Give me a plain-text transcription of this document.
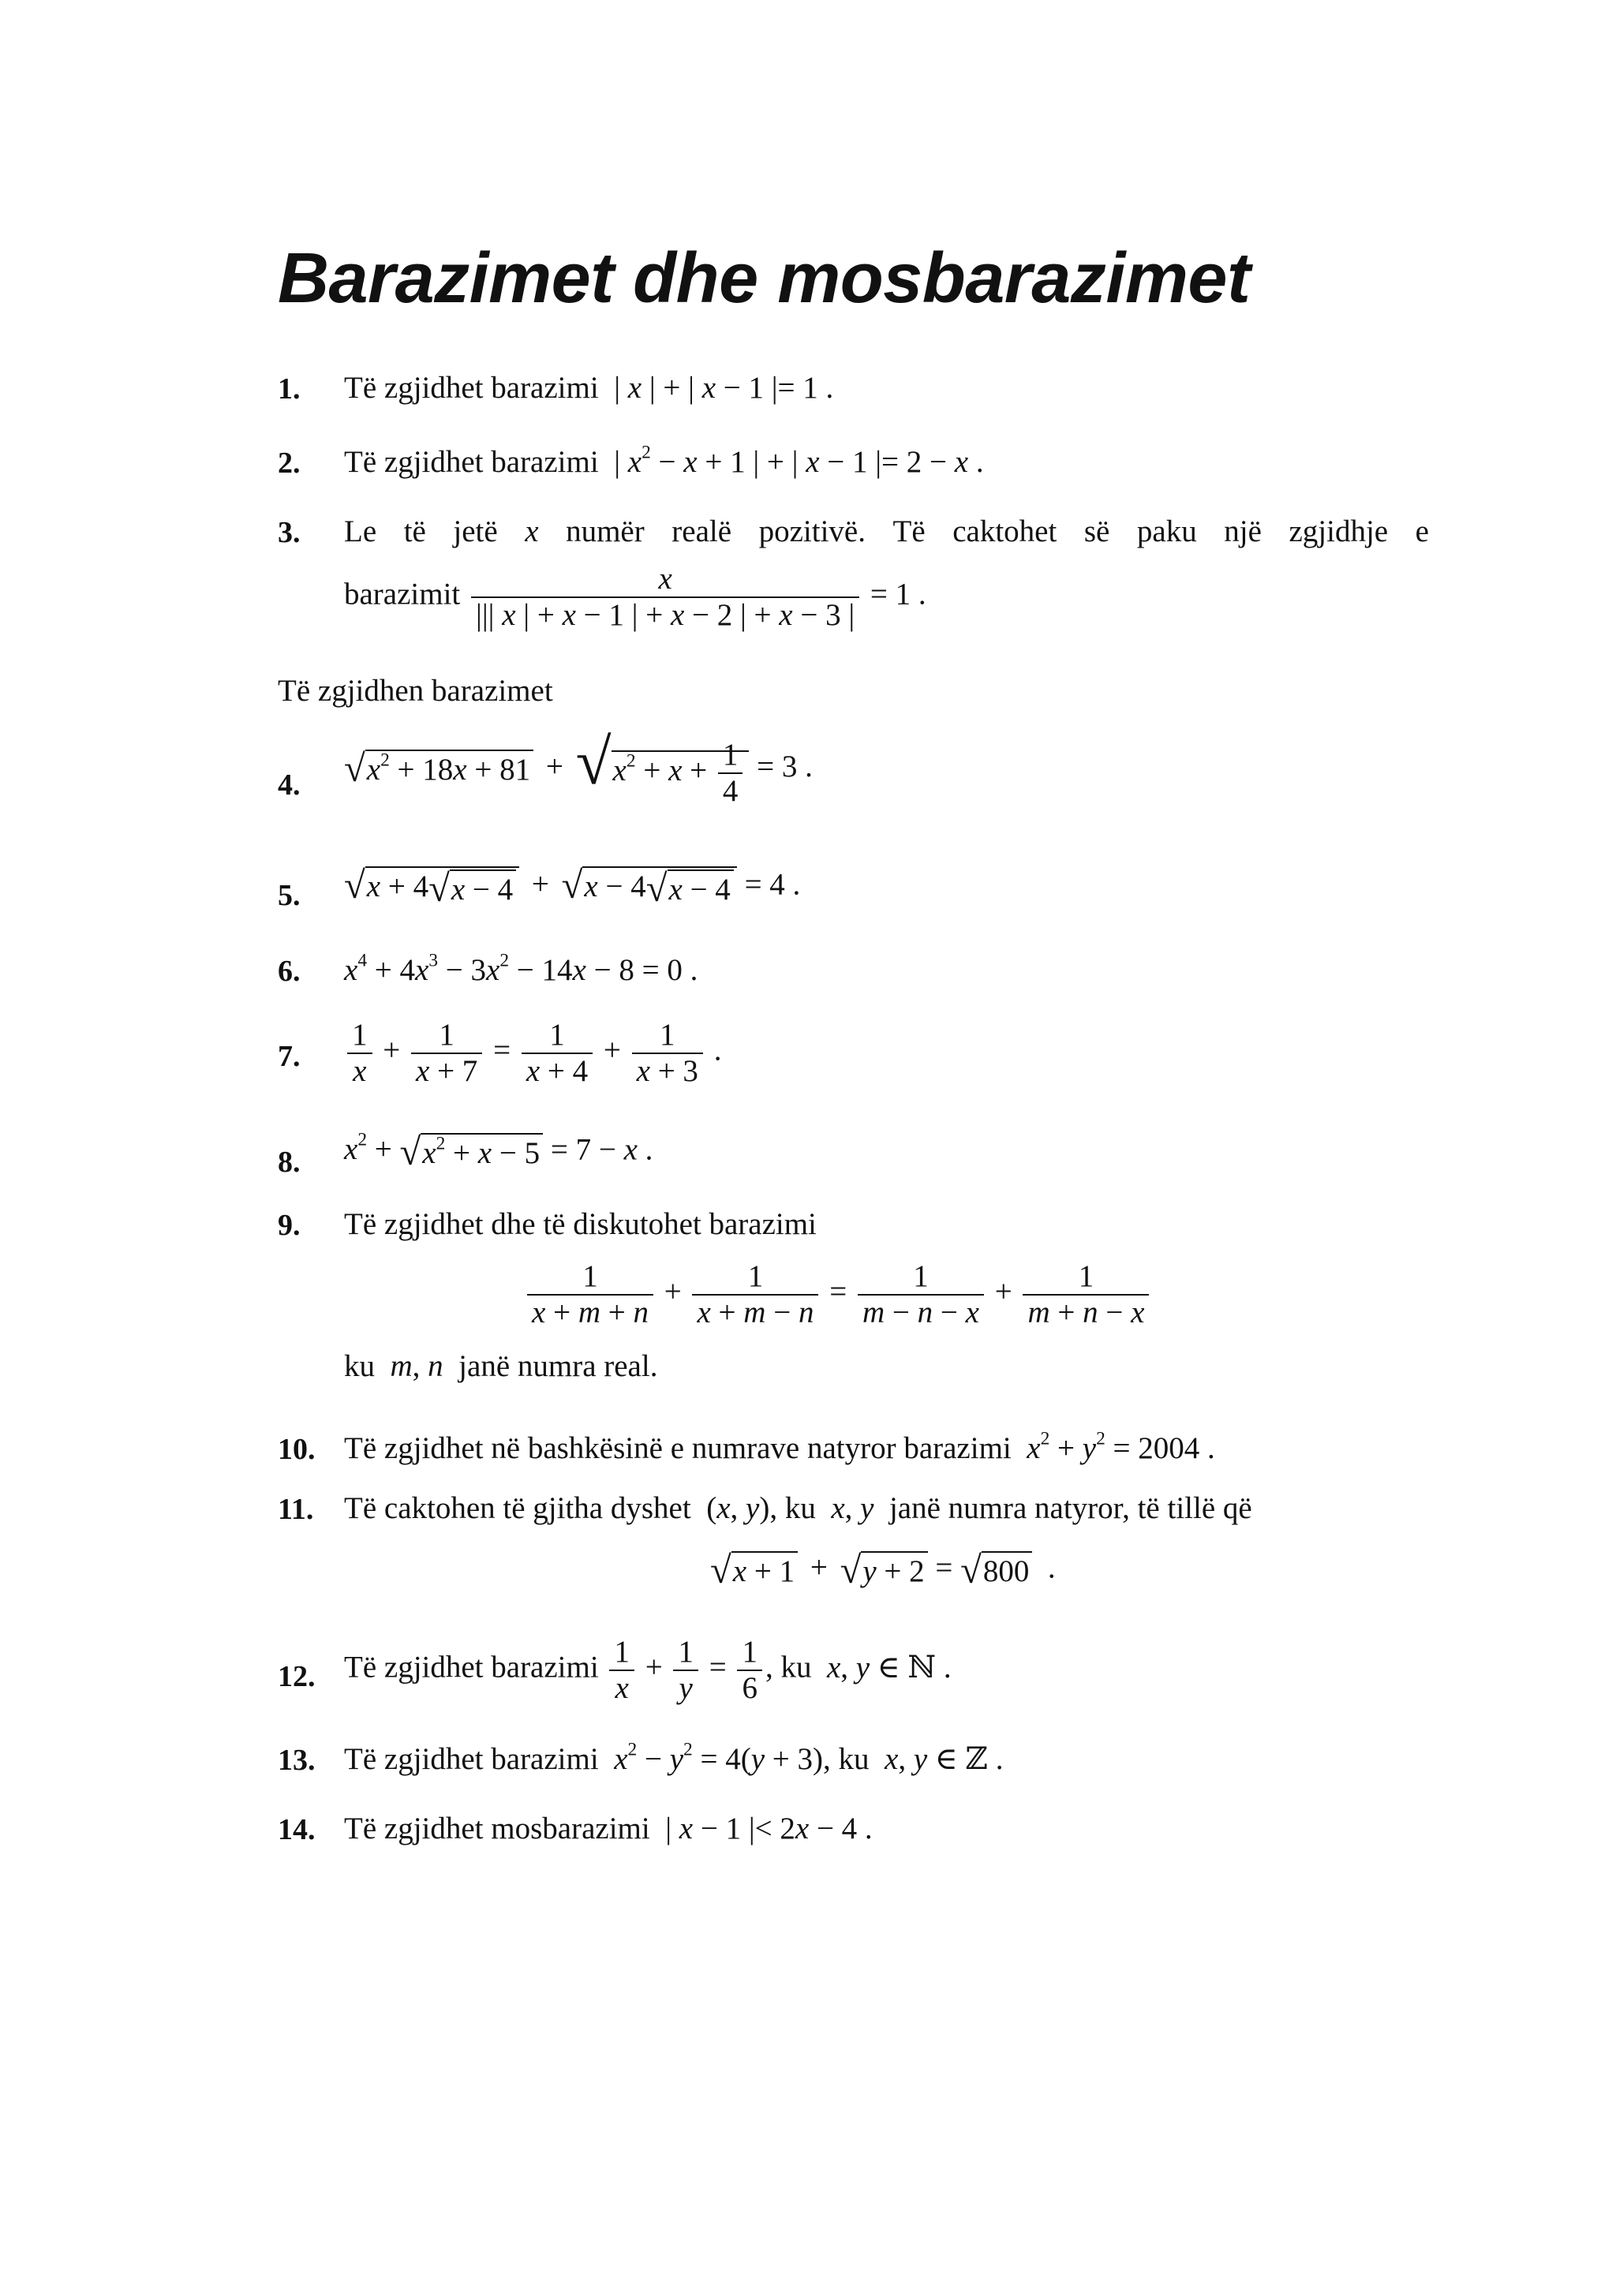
Barazimet dhe mosbarazimet
1. Të zgjidhet barazimi  | x | + | x − 1 |= 1 .
2. Të zgjidhet barazimi  | $x^2 - x + 1$ | + | x − 1 |= 2 − x .
3. Le të jetë x numër realë pozitivë. Të caktohet së paku një zgjidhje e
barazimit $\frac{x}{||| x | + x - 1 | + x - 2 | + x - 3 |} = 1$ .
Të zgjidhen barazimet
4. $√x^2 + 18x + 81 + √x^2 + x + \frac{1}{4} = 3$ .
5. √x + 4√x − 4 + √x − 4√x − 4 = 4 .
6. $x^4 + 4x^3 - 3x^2 - 14x - 8 = 0$ .
7. $\frac{1}{x} + \frac{1}{x + 7} = \frac{1}{x + 4} + \frac{1}{x + 3}$ .
8. $x^2 + √x^2 + x - 5 = 7 - x$ .
9. Të zgjidhet dhe të diskutohet barazimi
$\frac{1}{x + m + n} + \frac{1}{x + m - n} = \frac{1}{m - n - x} + \frac{1}{m + n - x}$
ku  m, n janë numra real.
10. Të zgjidhet në bashkësinë e numrave natyror barazimi $x^2 + y^2 = 2004$ .
11. Të caktohen të gjitha dyshet  (x, y), ku x, y janë numra natyror, të tillë që
√x + 1 + √y + 2 = √800  .
12. Të zgjidhet barazimi $\frac{1}{x} + \frac{1}{y} = \frac{1}{6}$ , ku x, y ∈ ℕ .
13. Të zgjidhet barazimi $x^2 - y^2 = 4(y + 3)$, ku x, y ∈ ℤ .
14. Të zgjidhet mosbarazimi  | x − 1 |< 2x − 4 .
